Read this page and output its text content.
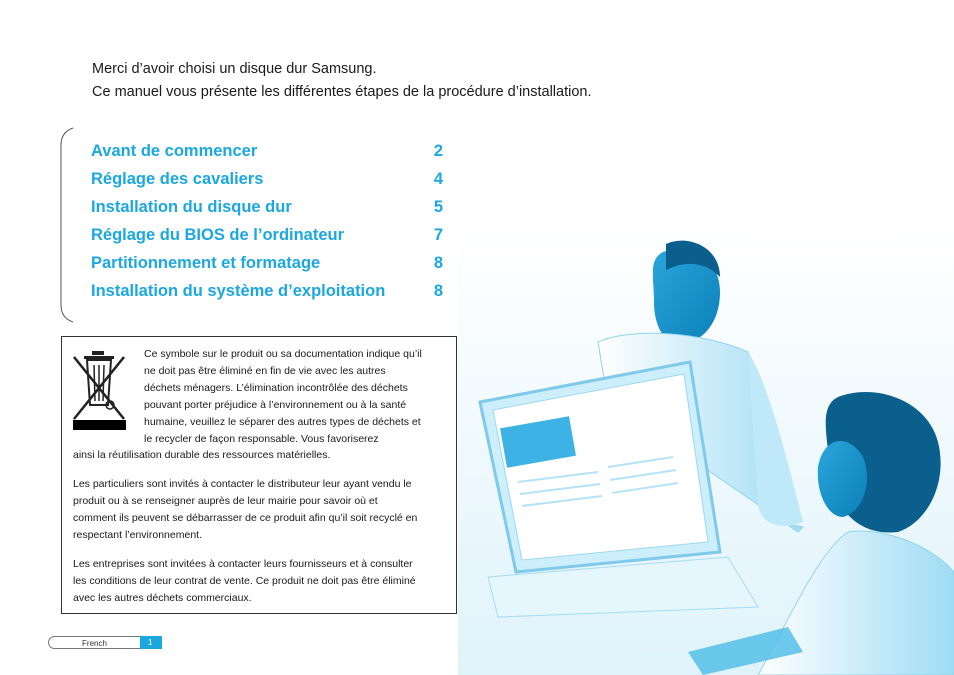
Merci d’avoir choisi un disque dur Samsung.
Ce manuel vous présente les différentes étapes de la procédure d’installation.
Avant de commencer	2
Réglage des cavaliers	4
Installation du disque dur	5
Réglage du BIOS de l’ordinateur	7
Partitionnement et formatage	8
Installation du système d’exploitation	8
Ce symbole sur le produit ou sa documentation indique qu’il
ne doit pas être éliminé en fin de vie avec les autres
déchets ménagers. L’élimination incontrôlée des déchets
pouvant porter préjudice à l’environnement ou à la santé
humaine, veuillez le séparer des autres types de déchets et
le recycler de façon responsable. Vous favoriserez
ainsi la réutilisation durable des ressources matérielles.
Les particuliers sont invités à contacter le distributeur leur ayant vendu le
produit ou à se renseigner auprès de leur mairie pour savoir où et
comment ils peuvent se débarrasser de ce produit afin qu’il soit recyclé en
respectant l’environnement.
Les entreprises sont invitées à contacter leurs fournisseurs et à consulter
les conditions de leur contrat de vente. Ce produit ne doit pas être éliminé
avec les autres déchets commerciaux.
French	1
